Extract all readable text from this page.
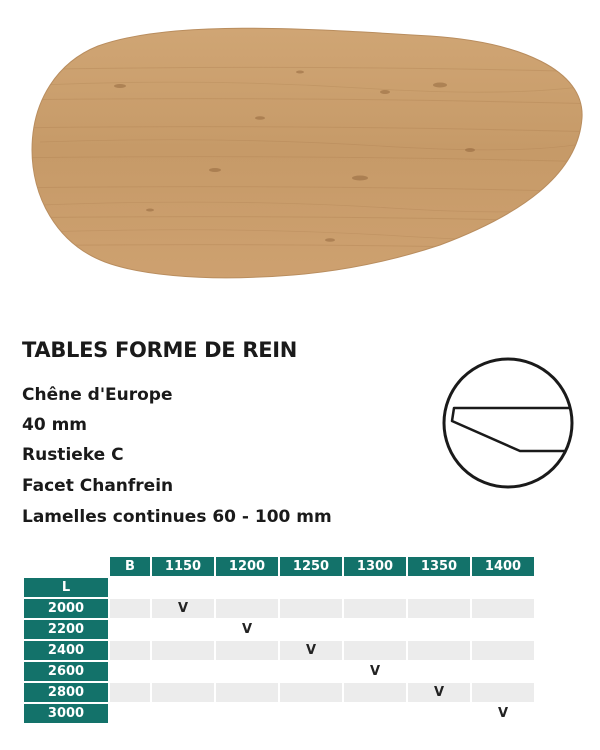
TABLES FORME DE REIN
Chêne d'Europe
40 mm
Rustieke C
Facet Chanfrein
Lamelles continues 60 - 100 mm
	B	1150	1200	1250	1300	1350	1400

L							

2000		V					

2200			V				

2400				V			

2600					V		

2800						V	

3000							V
